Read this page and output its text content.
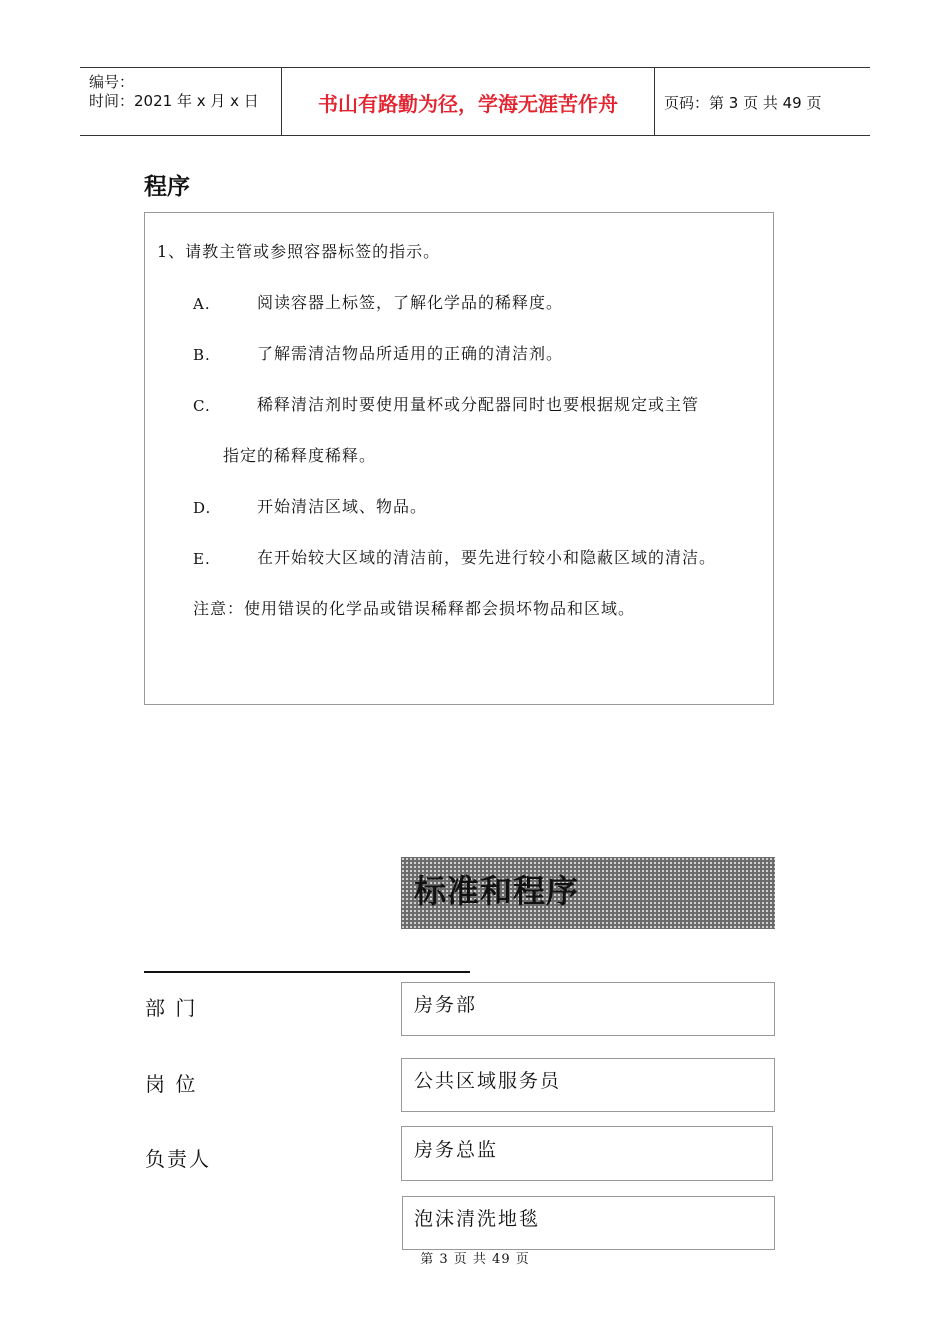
编号：
时间：2021 年 x 月 x 日	书山有路勤为径，学海无涯苦作舟	页码：第 3 页 共 49 页
程序
1、请教主管或参照容器标签的指示。
A.	阅读容器上标签，了解化学品的稀释度。
B.	了解需清洁物品所适用的正确的清洁剂。
C.	稀释清洁剂时要使用量杯或分配器同时也要根据规定或主管
指定的稀释度稀释。
D.	开始清洁区域、物品。
E.	在开始较大区域的清洁前，要先进行较小和隐蔽区域的清洁。
注意：使用错误的化学品或错误稀释都会损坏物品和区域。
标准和程序
部 门	房务部
岗 位	公共区域服务员
负责人	房务总监
泡沫清洗地毯
第 3 页 共 49 页
